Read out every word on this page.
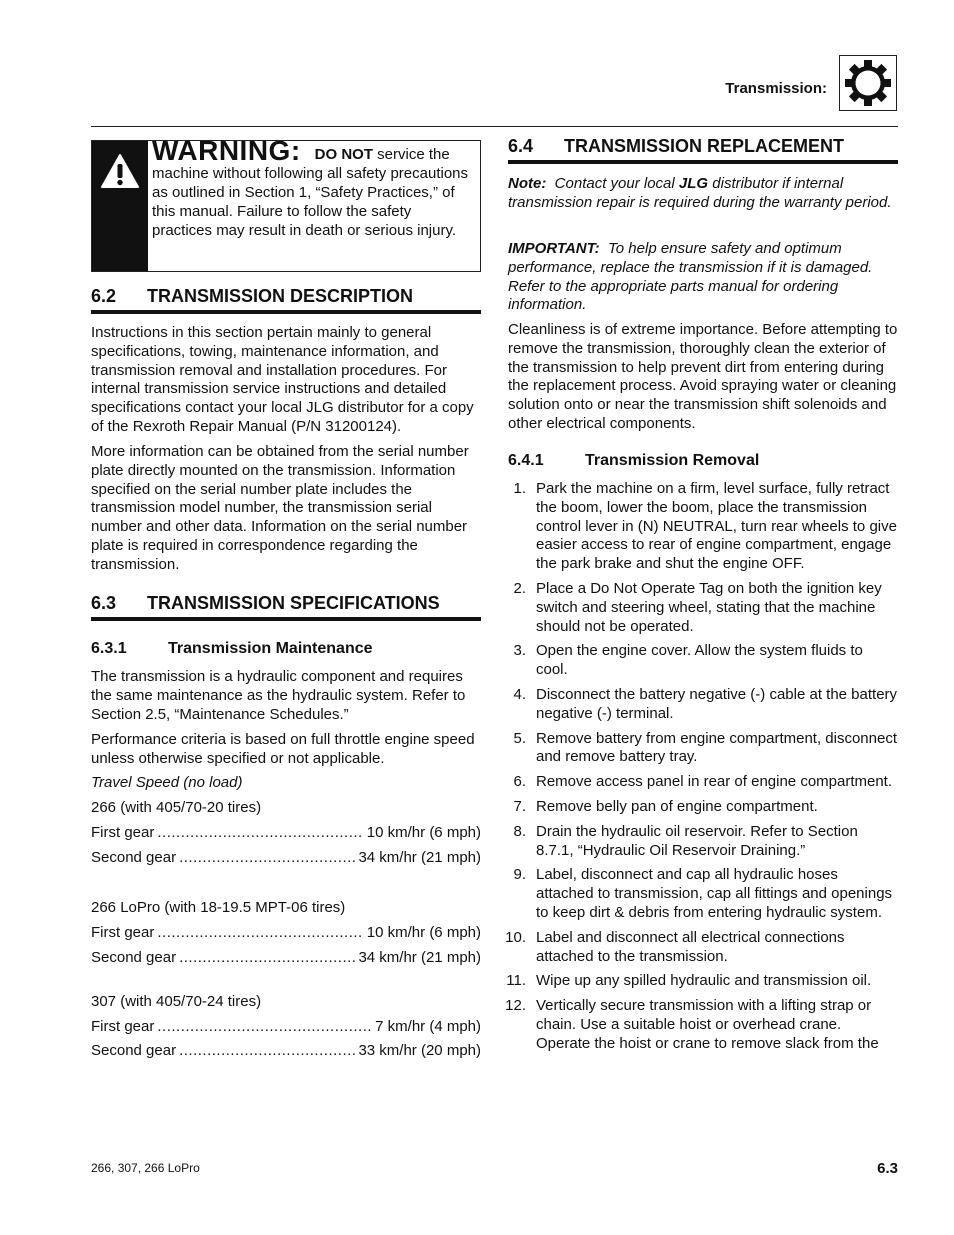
Transmission:
WARNING: DO NOT service the machine without following all safety precautions as outlined in Section 1, “Safety Practices,” of this manual. Failure to follow the safety practices may result in death or serious injury.
6.2 TRANSMISSION DESCRIPTION

Instructions in this section pertain mainly to general specifications, towing, maintenance information, and transmission removal and installation procedures. For internal transmission service instructions and detailed specifications contact your local JLG distributor for a copy of the Rexroth Repair Manual (P/N 31200124).

More information can be obtained from the serial number plate directly mounted on the transmission. Information specified on the serial number plate includes the transmission model number, the transmission serial number and other data. Information on the serial number plate is required in correspondence regarding the transmission.

6.3 TRANSMISSION SPECIFICATIONS
6.3.1	Transmission Maintenance

The transmission is a hydraulic component and requires the same maintenance as the hydraulic system. Refer to Section 2.5, “Maintenance Schedules.”

Performance criteria is based on full throttle engine speed unless otherwise specified or not applicable.

Travel Speed (no load)

266 (with 405/70-20 tires)

First gear .....	10 km/hr (6 mph)
Second gear .....	34 km/hr (21 mph)

266 LoPro (with 18-19.5 MPT-06 tires)

First gear .....	10 km/hr (6 mph)
Second gear .....	34 km/hr (21 mph)

307 (with 405/70-24 tires)

First gear .....	7 km/hr (4 mph)
Second gear .....	33 km/hr (20 mph)
6.4 TRANSMISSION REPLACEMENT

Note: Contact your local JLG distributor if internal transmission repair is required during the warranty period.

IMPORTANT: To help ensure safety and optimum performance, replace the transmission if it is damaged. Refer to the appropriate parts manual for ordering information.

Cleanliness is of extreme importance. Before attempting to remove the transmission, thoroughly clean the exterior of the transmission to help prevent dirt from entering during the replacement process. Avoid spraying water or cleaning solution onto or near the transmission shift solenoids and other electrical components.

6.4.1	Transmission Removal
1. Park the machine on a firm, level surface, fully retract the boom, lower the boom, place the transmission control lever in (N) NEUTRAL, turn rear wheels to give easier access to rear of engine compartment, engage the park brake and shut the engine OFF.
2. Place a Do Not Operate Tag on both the ignition key switch and steering wheel, stating that the machine should not be operated.
3. Open the engine cover. Allow the system fluids to cool.
4. Disconnect the battery negative (-) cable at the battery negative (-) terminal.
5. Remove battery from engine compartment, disconnect and remove battery tray.
6. Remove access panel in rear of engine compartment.
7. Remove belly pan of engine compartment.
8. Drain the hydraulic oil reservoir. Refer to Section 8.7.1, “Hydraulic Oil Reservoir Draining.”
9. Label, disconnect and cap all hydraulic hoses attached to transmission, cap all fittings and openings to keep dirt & debris from entering hydraulic system.
10. Label and disconnect all electrical connections attached to the transmission.
11. Wipe up any spilled hydraulic and transmission oil.
12. Vertically secure transmission with a lifting strap or chain. Use a suitable hoist or overhead crane. Operate the hoist or crane to remove slack from the
266, 307, 266 LoPro	6.3
